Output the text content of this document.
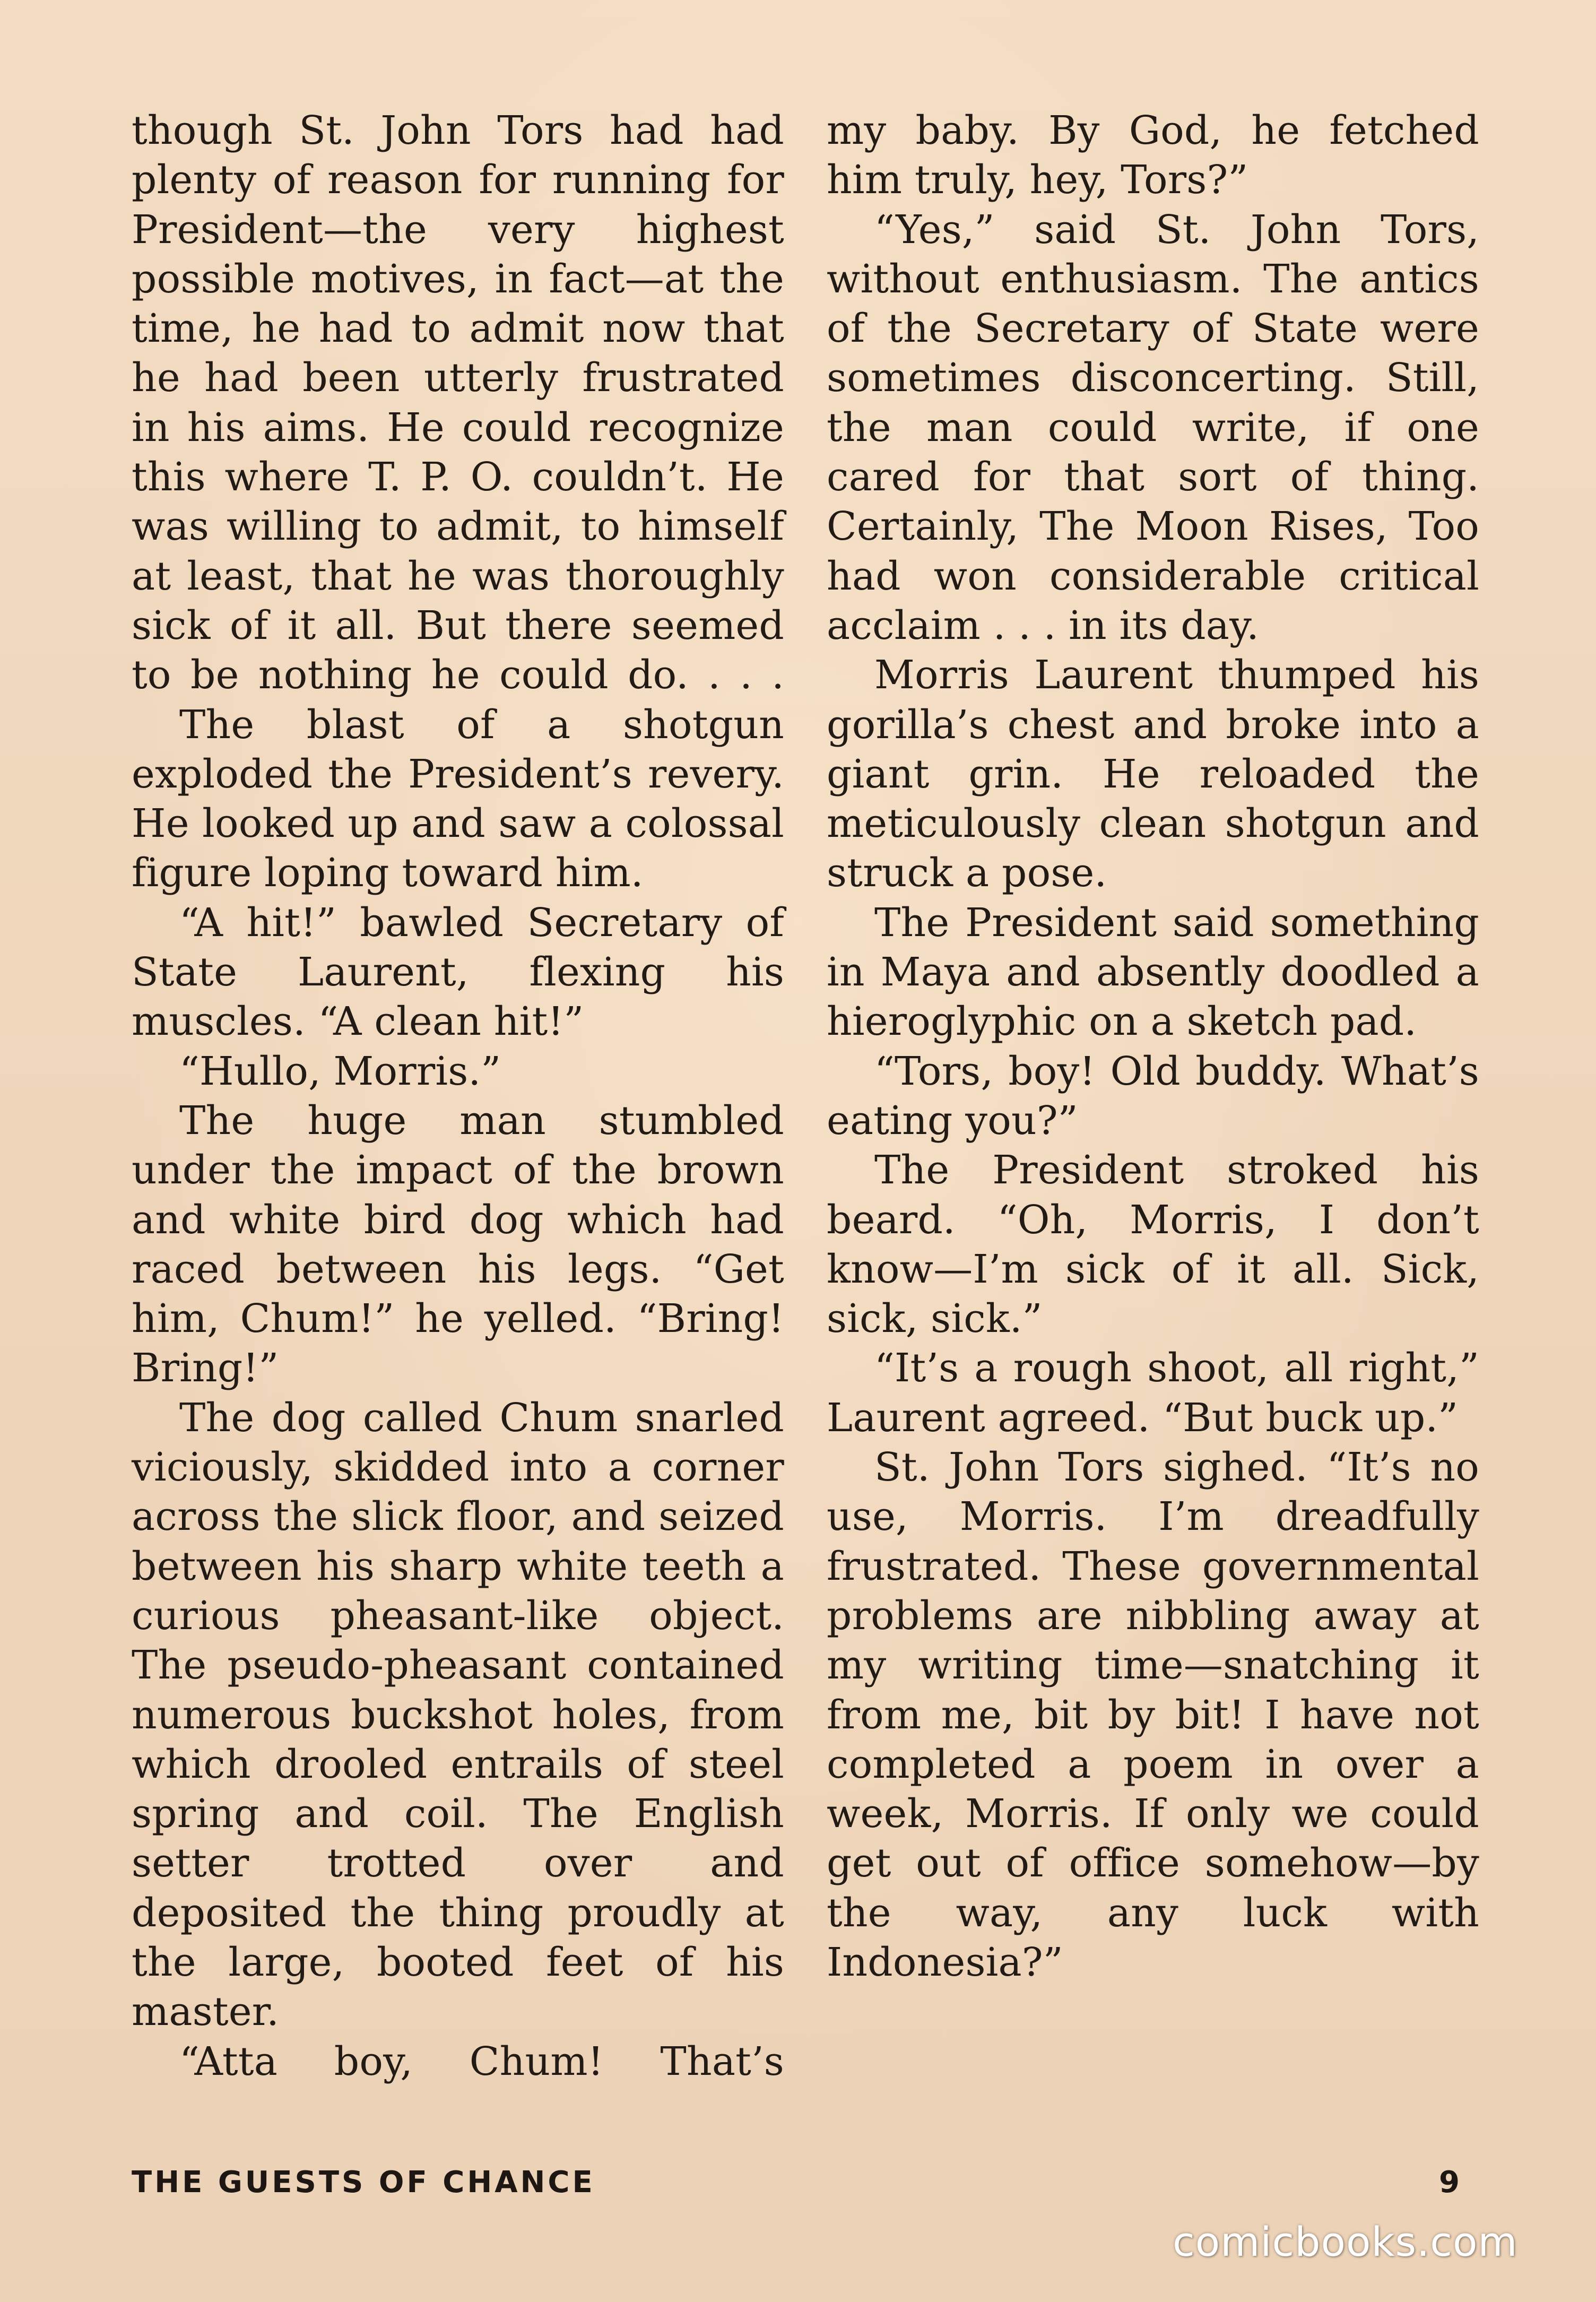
though St. John Tors had had plenty of reason for running for President—the very highest possible motives, in fact—at the time, he had to admit now that he had been utterly frustrated in his aims. He could recognize this where T. P. O. couldn’t. He was willing to admit, to himself at least, that he was thoroughly sick of it all. But there seemed to be nothing he could do. . . .

The blast of a shotgun exploded the President’s revery. He looked up and saw a colossal figure loping toward him.

“A hit!” bawled Secretary of State Laurent, flexing his muscles. “A clean hit!”

“Hullo, Morris.”

The huge man stumbled under the impact of the brown and white bird dog which had raced between his legs. “Get him, Chum!” he yelled. “Bring! Bring!”

The dog called Chum snarled viciously, skidded into a corner across the slick floor, and seized between his sharp white teeth a curious pheasant-like object. The pseudo-pheasant contained numerous buckshot holes, from which drooled entrails of steel spring and coil. The English setter trotted over and deposited the thing proudly at the large, booted feet of his master.

“Atta boy, Chum! That’s

my baby. By God, he fetched him truly, hey, Tors?”

“Yes,” said St. John Tors, without enthusiasm. The antics of the Secretary of State were sometimes disconcerting. Still, the man could write, if one cared for that sort of thing. Certainly, The Moon Rises, Too had won considerable critical acclaim . . . in its day.

Morris Laurent thumped his gorilla’s chest and broke into a giant grin. He reloaded the meticulously clean shotgun and struck a pose.

The President said something in Maya and absently doodled a hieroglyphic on a sketch pad.

“Tors, boy! Old buddy. What’s eating you?”

The President stroked his beard. “Oh, Morris, I don’t know—I’m sick of it all. Sick, sick, sick.”

“It’s a rough shoot, all right,” Laurent agreed. “But buck up.”

St. John Tors sighed. “It’s no use, Morris. I’m dreadfully frustrated. These governmental problems are nibbling away at my writing time—snatching it from me, bit by bit! I have not completed a poem in over a week, Morris. If only we could get out of office somehow—by the way, any luck with Indonesia?”

THE GUESTS OF CHANCE	9
comicbooks.com
